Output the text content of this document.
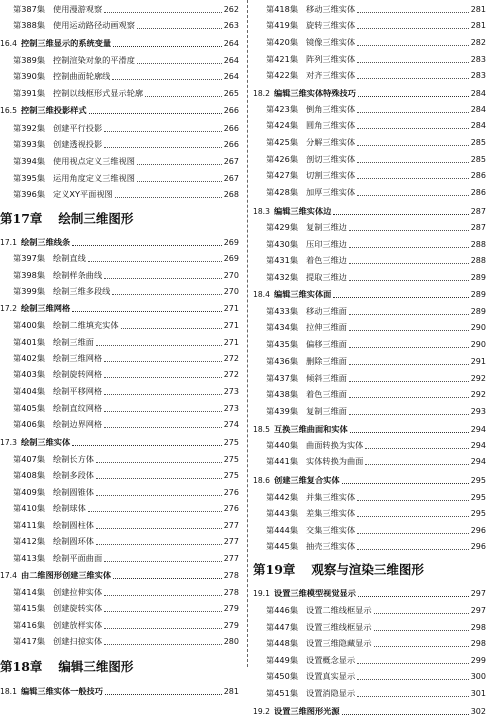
第387集 使用漫游观察	262
第388集 使用运动路径动画观察	263
16.4 控制三维显示的系统变量	264
第389集 控制渲染对象的平滑度	264
第390集 控制曲面轮廓线	264
第391集 控制以线框形式显示轮廓	265
16.5 控制三维投影样式	266
第392集 创建平行投影	266
第393集 创建透视投影	266
第394集 使用视点定义三维视图	267
第395集 运用角度定义三维视图	267
第396集 定义XY平面视图	268
第17章 绘制三维图形
17.1 绘制三维线条	269
第397集 绘制直线	269
第398集 绘制样条曲线	270
第399集 绘制三维多段线	270
17.2 绘制三维网格	271
第400集 绘制二维填充实体	271
第401集 绘制三维面	271
第402集 绘制三维网格	272
第403集 绘制旋转网格	272
第404集 绘制平移网格	273
第405集 绘制直纹网格	273
第406集 绘制边界网格	274
17.3 绘制三维实体	275
第407集 绘制长方体	275
第408集 绘制多段体	275
第409集 绘制圆锥体	276
第410集 绘制球体	276
第411集 绘制圆柱体	277
第412集 绘制圆环体	277
第413集 绘制平面曲面	277
17.4 由二维图形创建三维实体	278
第414集 创建拉伸实体	278
第415集 创建旋转实体	279
第416集 创建放样实体	279
第417集 创建扫掠实体	280
第18章 编辑三维图形
18.1 编辑三维实体一般技巧	281
第418集 移动三维实体	281
第419集 旋转三维实体	281
第420集 镜像三维实体	282
第421集 阵列三维实体	283
第422集 对齐三维实体	283
18.2 编辑三维实体特殊技巧	284
第423集 倒角三维实体	284
第424集 圆角三维实体	284
第425集 分解三维实体	285
第426集 剖切三维实体	285
第427集 切割三维实体	286
第428集 加厚三维实体	286
18.3 编辑三维实体边	287
第429集 复制三维边	287
第430集 压印三维边	288
第431集 着色三维边	288
第432集 提取三维边	289
18.4 编辑三维实体面	289
第433集 移动三维面	289
第434集 拉伸三维面	290
第435集 偏移三维面	290
第436集 删除三维面	291
第437集 倾斜三维面	292
第438集 着色三维面	292
第439集 复制三维面	293
18.5 互换三维曲面和实体	294
第440集 曲面转换为实体	294
第441集 实体转换为曲面	294
18.6 创建三维复合实体	295
第442集 并集三维实体	295
第443集 差集三维实体	295
第444集 交集三维实体	296
第445集 抽壳三维实体	296
第19章 观察与渲染三维图形
19.1 设置三维模型视觉显示	297
第446集 设置二维线框显示	297
第447集 设置三维线框显示	298
第448集 设置三维隐藏显示	298
第449集 设置概念显示	299
第450集 设置真实显示	300
第451集 设置消隐显示	301
19.2 设置三维图形光源	302
